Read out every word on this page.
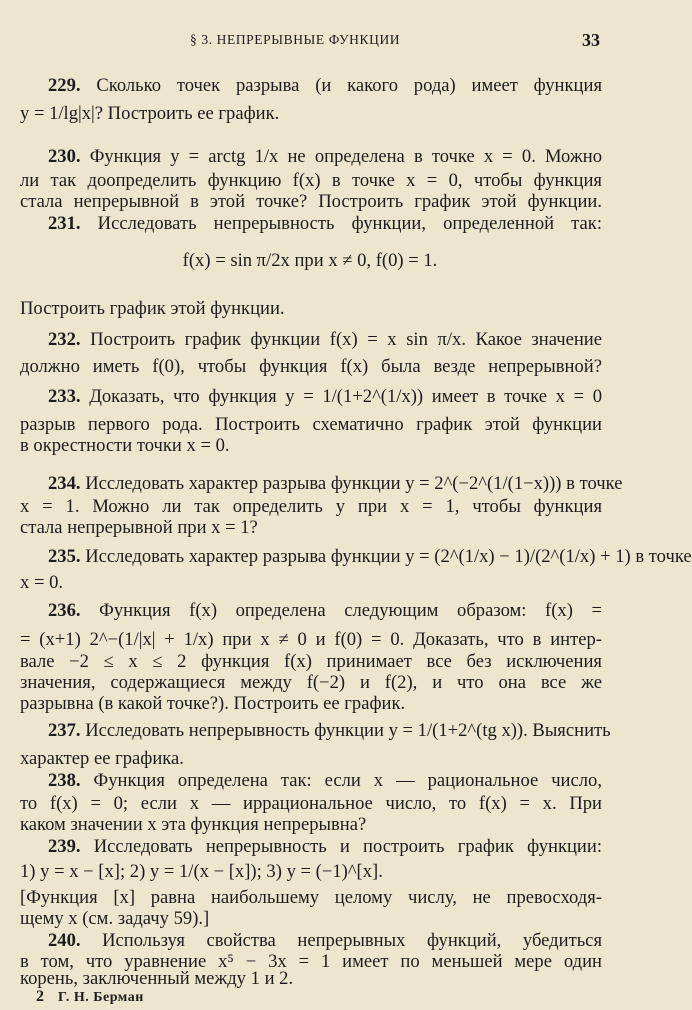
§ 3. НЕПРЕРЫВНЫЕ ФУНКЦИИ	33
229. Сколько точек разрыва (и какого рода) имеет функция
y = 1/lg|x|? Построить ее график.
230. Функция y = arctg 1/x не определена в точке x = 0. Можно
ли так доопределить функцию f(x) в точке x = 0, чтобы функция
стала непрерывной в этой точке? Построить график этой функции.
231. Исследовать непрерывность функции, определенной так:
f(x) = sin π/2x при x ≠ 0, f(0) = 1.
Построить график этой функции.
232. Построить график функции f(x) = x sin π/x. Какое значение
должно иметь f(0), чтобы функция f(x) была везде непрерывной?
233. Доказать, что функция y = 1/(1+2^(1/x)) имеет в точке x = 0
разрыв первого рода. Построить схематично график этой функции
в окрестности точки x = 0.
234. Исследовать характер разрыва функции y = 2^(−2^(1/(1−x))) в точке
x = 1. Можно ли так определить y при x = 1, чтобы функция
стала непрерывной при x = 1?
235. Исследовать характер разрыва функции y = (2^(1/x) − 1)/(2^(1/x) + 1) в точке
x = 0.
236. Функция f(x) определена следующим образом: f(x) =
= (x+1) 2^−(1/|x| + 1/x) при x ≠ 0 и f(0) = 0. Доказать, что в интер-
вале −2 ≤ x ≤ 2 функция f(x) принимает все без исключения
значения, содержащиеся между f(−2) и f(2), и что она все же
разрывна (в какой точке?). Построить ее график.
237. Исследовать непрерывность функции y = 1/(1+2^(tg x)). Выяснить
характер ее графика.
238. Функция определена так: если x — рациональное число,
то f(x) = 0; если x — иррациональное число, то f(x) = x. При
каком значении x эта функция непрерывна?
239. Исследовать непрерывность и построить график функции:
1) y = x − [x]; 2) y = 1/(x − [x]); 3) y = (−1)^[x].
[Функция [x] равна наибольшему целому числу, не превосходя-
щему x (см. задачу 59).]
240. Используя свойства непрерывных функций, убедиться
в том, что уравнение x⁵ − 3x = 1 имеет по меньшей мере один
корень, заключенный между 1 и 2.
2 Г. Н. Берман
